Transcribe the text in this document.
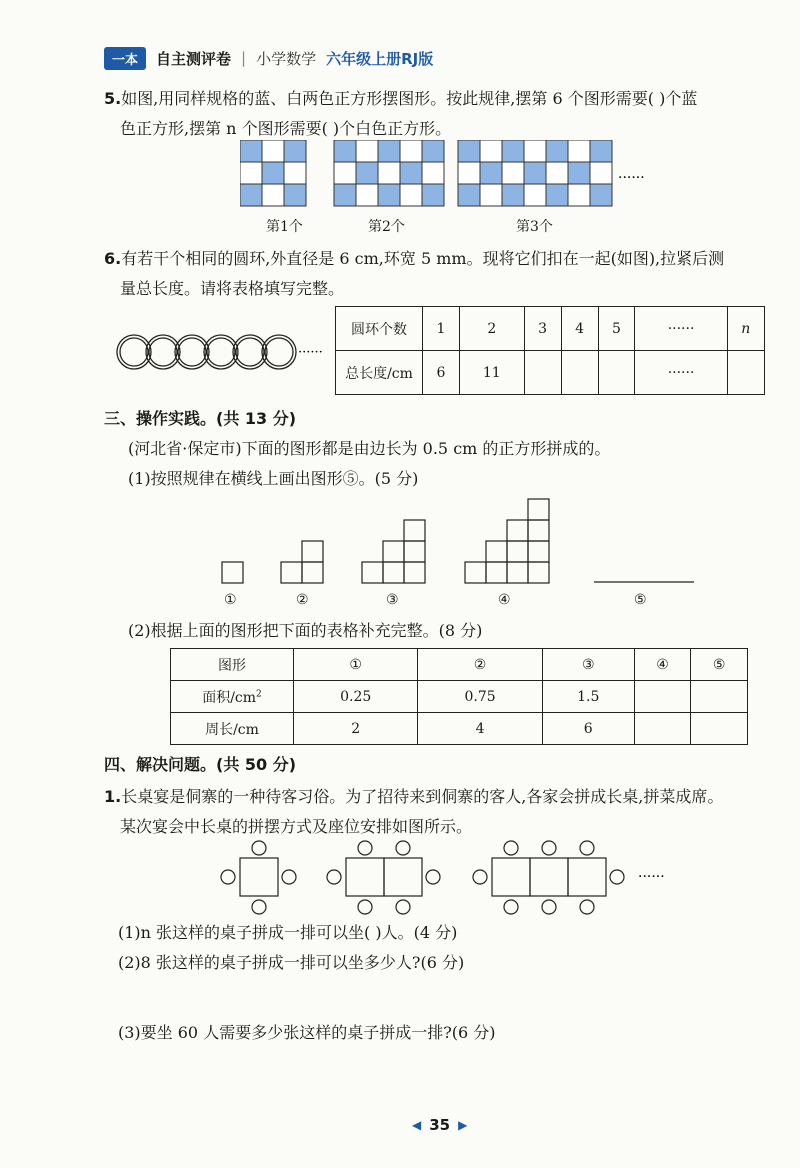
一本	自主测评卷 | 小学数学 六年级上册RJ版
5.如图,用同样规格的蓝、白两色正方形摆图形。按此规律,摆第 6 个图形需要( )个蓝
色正方形,摆第 n 个图形需要( )个白色正方形。
······
第1个	第2个	第3个
6.有若干个相同的圆环,外直径是 6 cm,环宽 5 mm。现将它们扣在一起(如图),拉紧后测
量总长度。请将表格填写完整。
······
圆环个数	1	2	3	4	5	······	n
总长度/cm	6	11				······	
三、操作实践。(共 13 分)
(河北省·保定市)下面的图形都是由边长为 0.5 cm 的正方形拼成的。
(1)按照规律在横线上画出图形⑤。(5 分)
①	②	③	④	⑤
(2)根据上面的图形把下面的表格补充完整。(8 分)
图形	①	②	③	④	⑤
面积$/cm^2$	0.25	0.75	1.5		
周长/cm	2	4	6		
四、解决问题。(共 50 分)
1.长桌宴是侗寨的一种待客习俗。为了招待来到侗寨的客人,各家会拼成长桌,拼菜成席。
某次宴会中长桌的拼摆方式及座位安排如图所示。
······
(1)n 张这样的桌子拼成一排可以坐( )人。(4 分)
(2)8 张这样的桌子拼成一排可以坐多少人?(6 分)
(3)要坐 60 人需要多少张这样的桌子拼成一排?(6 分)
◀ 35 ▶
